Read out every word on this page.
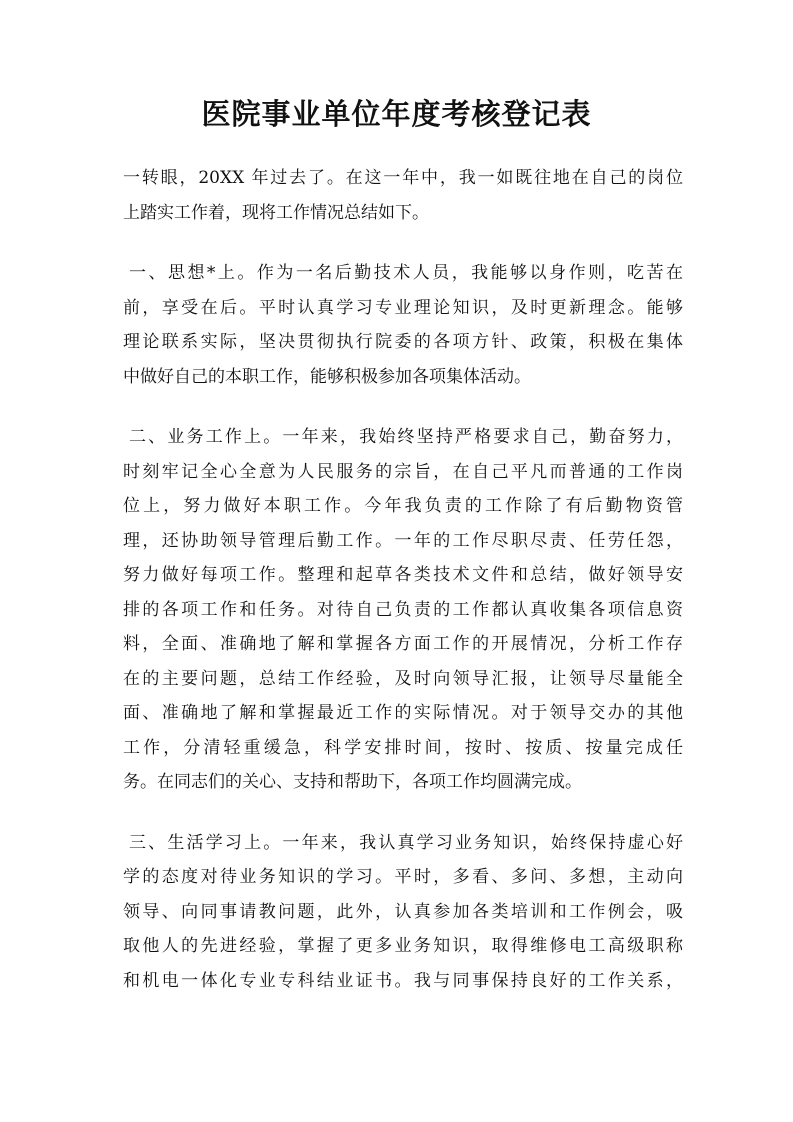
医院事业单位年度考核登记表

一转眼，20XX 年过去了。在这一年中，我一如既往地在自己的岗位
上踏实工作着，现将工作情况总结如下。

一、思想*上。作为一名后勤技术人员，我能够以身作则，吃苦在
前，享受在后。平时认真学习专业理论知识，及时更新理念。能够
理论联系实际，坚决贯彻执行院委的各项方针、政策，积极在集体
中做好自己的本职工作，能够积极参加各项集体活动。

二、业务工作上。一年来，我始终坚持严格要求自己，勤奋努力，
时刻牢记全心全意为人民服务的宗旨，在自己平凡而普通的工作岗
位上，努力做好本职工作。今年我负责的工作除了有后勤物资管
理，还协助领导管理后勤工作。一年的工作尽职尽责、任劳任怨，
努力做好每项工作。整理和起草各类技术文件和总结，做好领导安
排的各项工作和任务。对待自己负责的工作都认真收集各项信息资
料，全面、准确地了解和掌握各方面工作的开展情况，分析工作存
在的主要问题，总结工作经验，及时向领导汇报，让领导尽量能全
面、准确地了解和掌握最近工作的实际情况。对于领导交办的其他
工作，分清轻重缓急，科学安排时间，按时、按质、按量完成任
务。在同志们的关心、支持和帮助下，各项工作均圆满完成。

三、生活学习上。一年来，我认真学习业务知识，始终保持虚心好
学的态度对待业务知识的学习。平时，多看、多问、多想，主动向
领导、向同事请教问题，此外，认真参加各类培训和工作例会，吸
取他人的先进经验，掌握了更多业务知识，取得维修电工高级职称
和机电一体化专业专科结业证书。我与同事保持良好的工作关系，
